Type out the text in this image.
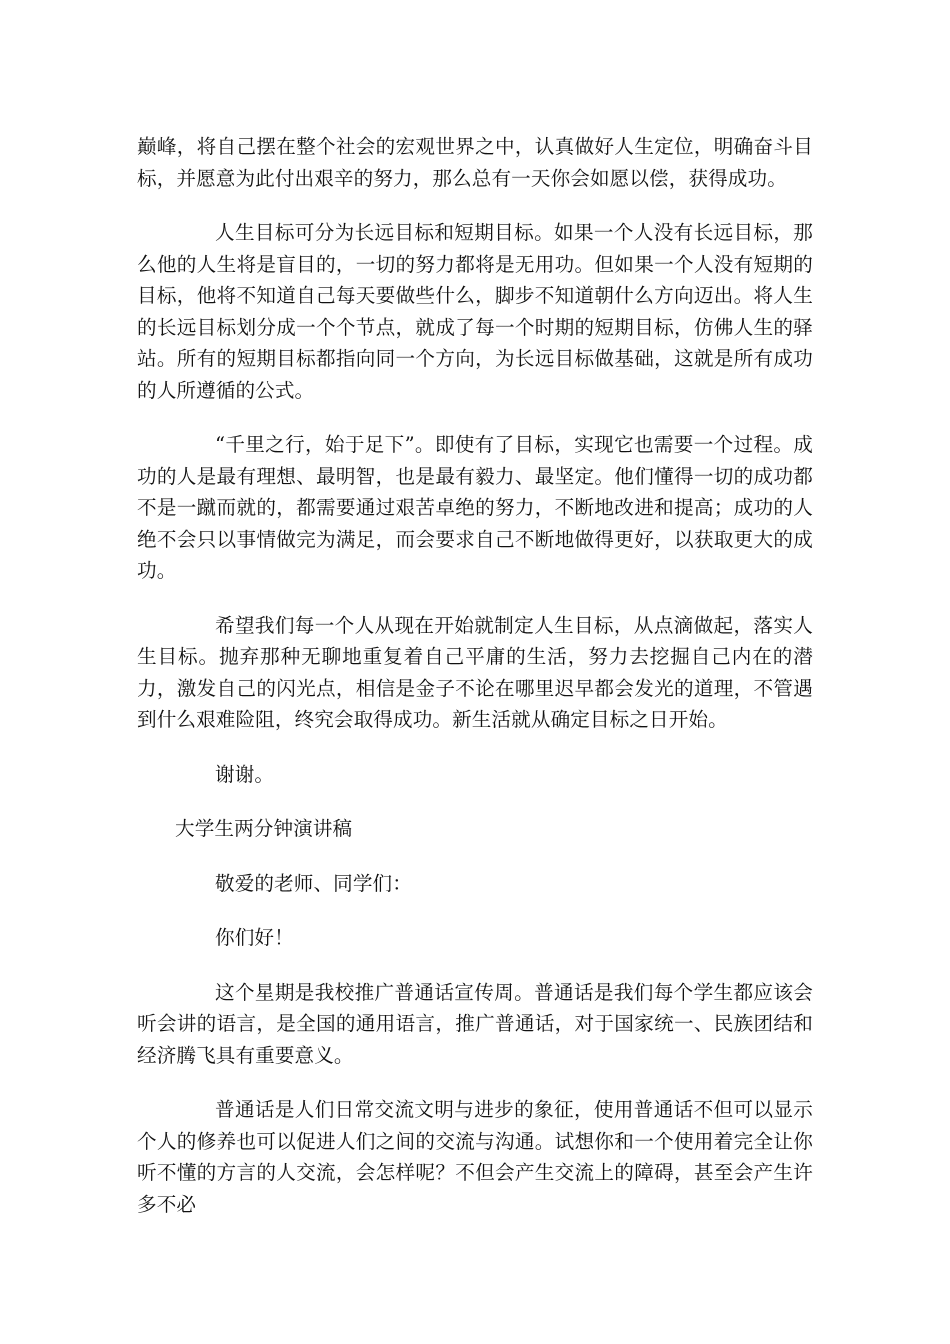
巅峰，将自己摆在整个社会的宏观世界之中，认真做好人生定位，明确奋斗目标，并愿意为此付出艰辛的努力，那么总有一天你会如愿以偿，获得成功。

人生目标可分为长远目标和短期目标。如果一个人没有长远目标，那么他的人生将是盲目的，一切的努力都将是无用功。但如果一个人没有短期的目标，他将不知道自己每天要做些什么，脚步不知道朝什么方向迈出。将人生的长远目标划分成一个个节点，就成了每一个时期的短期目标，仿佛人生的驿站。所有的短期目标都指向同一个方向，为长远目标做基础，这就是所有成功的人所遵循的公式。

“千里之行，始于足下”。即使有了目标，实现它也需要一个过程。成功的人是最有理想、最明智，也是最有毅力、最坚定。他们懂得一切的成功都不是一蹴而就的，都需要通过艰苦卓绝的努力，不断地改进和提高；成功的人绝不会只以事情做完为满足，而会要求自己不断地做得更好，以获取更大的成功。

希望我们每一个人从现在开始就制定人生目标，从点滴做起，落实人生目标。抛弃那种无聊地重复着自己平庸的生活，努力去挖掘自己内在的潜力，激发自己的闪光点，相信是金子不论在哪里迟早都会发光的道理，不管遇到什么艰难险阻，终究会取得成功。新生活就从确定目标之日开始。

谢谢。

大学生两分钟演讲稿

敬爱的老师、同学们：

你们好！

这个星期是我校推广普通话宣传周。普通话是我们每个学生都应该会听会讲的语言，是全国的通用语言，推广普通话，对于国家统一、民族团结和经济腾飞具有重要意义。

普通话是人们日常交流文明与进步的象征，使用普通话不但可以显示个人的修养也可以促进人们之间的交流与沟通。试想你和一个使用着完全让你听不懂的方言的人交流，会怎样呢？不但会产生交流上的障碍，甚至会产生许多不必
